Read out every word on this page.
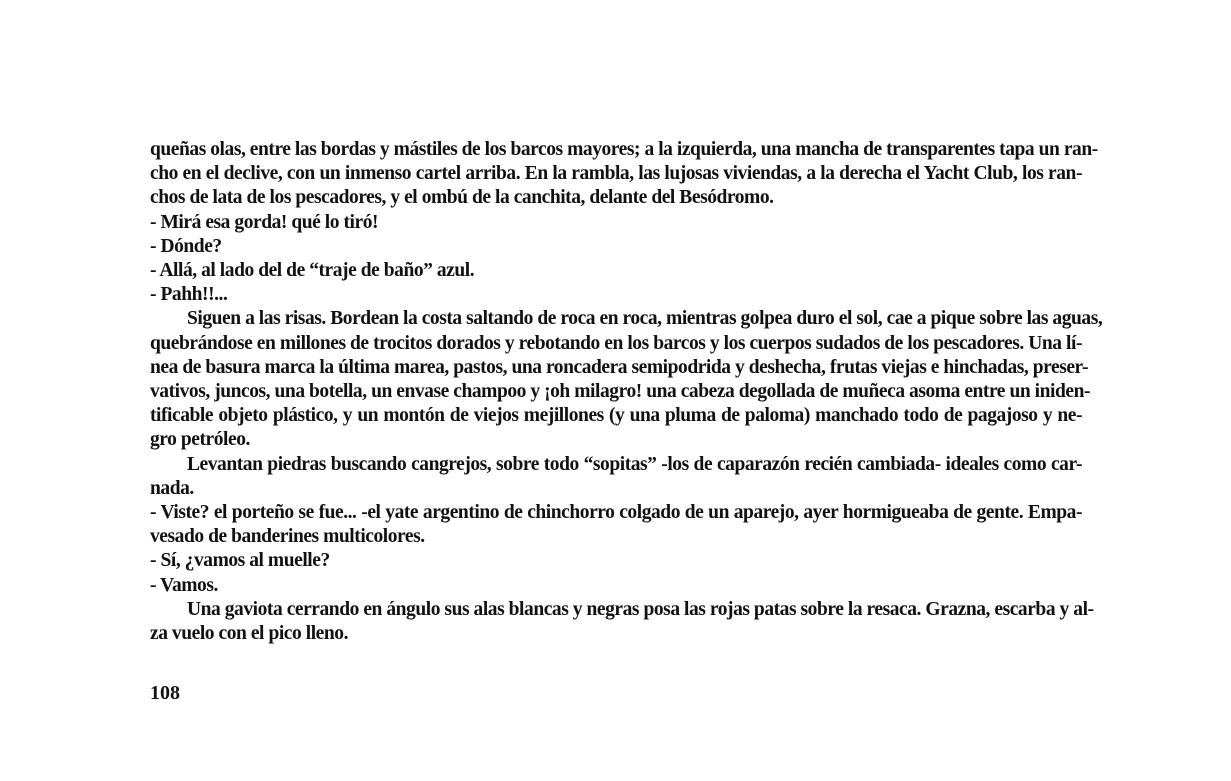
queñas olas, entre las bordas y mástiles de los barcos mayores; a la izquierda, una mancha de transparentes tapa un ran-
cho en el declive, con un inmenso cartel arriba. En la rambla, las lujosas viviendas, a la derecha el Yacht Club, los ran-
chos de lata de los pescadores, y el ombú de la canchita, delante del Besódromo.
- Mirá esa gorda! qué lo tiró!
- Dónde?
- Allá, al lado del de “traje de baño” azul.
- Pahh!!...
Siguen a las risas. Bordean la costa saltando de roca en roca, mientras golpea duro el sol, cae a pique sobre las aguas,
quebrándose en millones de trocitos dorados y rebotando en los barcos y los cuerpos sudados de los pescadores. Una lí-
nea de basura marca la última marea, pastos, una roncadera semipodrida y deshecha, frutas viejas e hinchadas, preser-
vativos, juncos, una botella, un envase champoo y ¡oh milagro! una cabeza degollada de muñeca asoma entre un iniden-
tificable objeto plástico, y un montón de viejos mejillones (y una pluma de paloma) manchado todo de pagajoso y ne-
gro petróleo.
Levantan piedras buscando cangrejos, sobre todo “sopitas” -los de caparazón recién cambiada- ideales como car-
nada.
- Viste? el porteño se fue... -el yate argentino de chinchorro colgado de un aparejo, ayer hormigueaba de gente. Empa-
vesado de banderines multicolores.
- Sí, ¿vamos al muelle?
- Vamos.
Una gaviota cerrando en ángulo sus alas blancas y negras posa las rojas patas sobre la resaca. Grazna, escarba y al-
za vuelo con el pico lleno.
108
